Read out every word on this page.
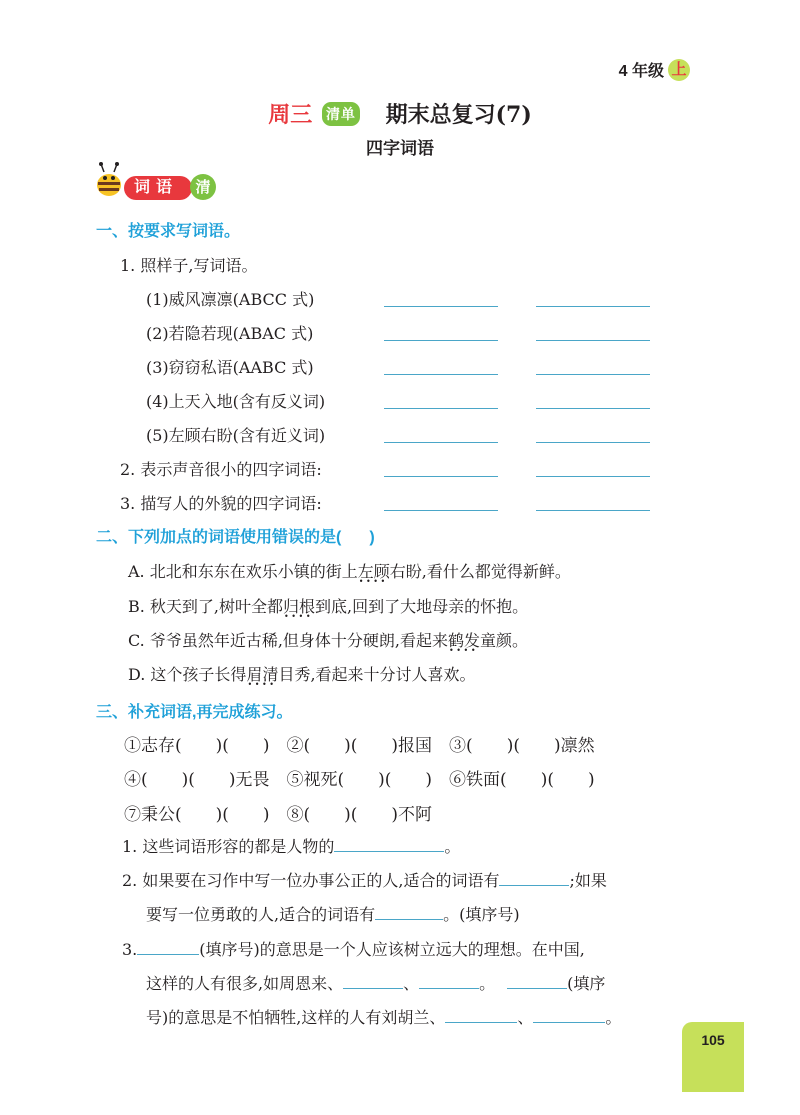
4 年级 上
周三 清单 期末总复习(7)
四字词语
词语	清
一、按要求写词语。
1. 照样子,写词语。
(1)威风凛凛(ABCC 式)
(2)若隐若现(ABAC 式)
(3)窃窃私语(AABC 式)
(4)上天入地(含有反义词)
(5)左顾右盼(含有近义词)
2. 表示声音很小的四字词语:
3. 描写人的外貌的四字词语:
二、下列加点的词语使用错误的是( )
A. 北北和东东在欢乐小镇的街上左顾右盼 • •,看什么都觉得新鲜。
B. 秋天到了,树叶全都归根到底 • •,回到了大地母亲的怀抱。
C. 爷爷虽然年近古稀,但身体十分硬朗,看起来鹤发童颜 • •。
D. 这个孩子长得眉清目秀 • •,看起来十分讨人喜欢。
三、补充词语,再完成练习。
①志存(　　)(　　)　②(　　)(　　)报国　③(　　)(　　)凛然
④(　　)(　　)无畏　⑤视死(　　)(　　)　⑥铁面(　　)(　　)
⑦秉公(　　)(　　)　⑧(　　)(　　)不阿
1. 这些词语形容的都是人物的	。
2. 如果要在习作中写一位办事公正的人,适合的词语有	;如果
要写一位勇敢的人,适合的词语有	。(填序号)
3.	(填序号)的意思是一个人应该树立远大的理想。在中国,
这样的人有很多,如周恩来、	、	。	(填序
号)的意思是不怕牺牲,这样的人有刘胡兰、	、	。
105
